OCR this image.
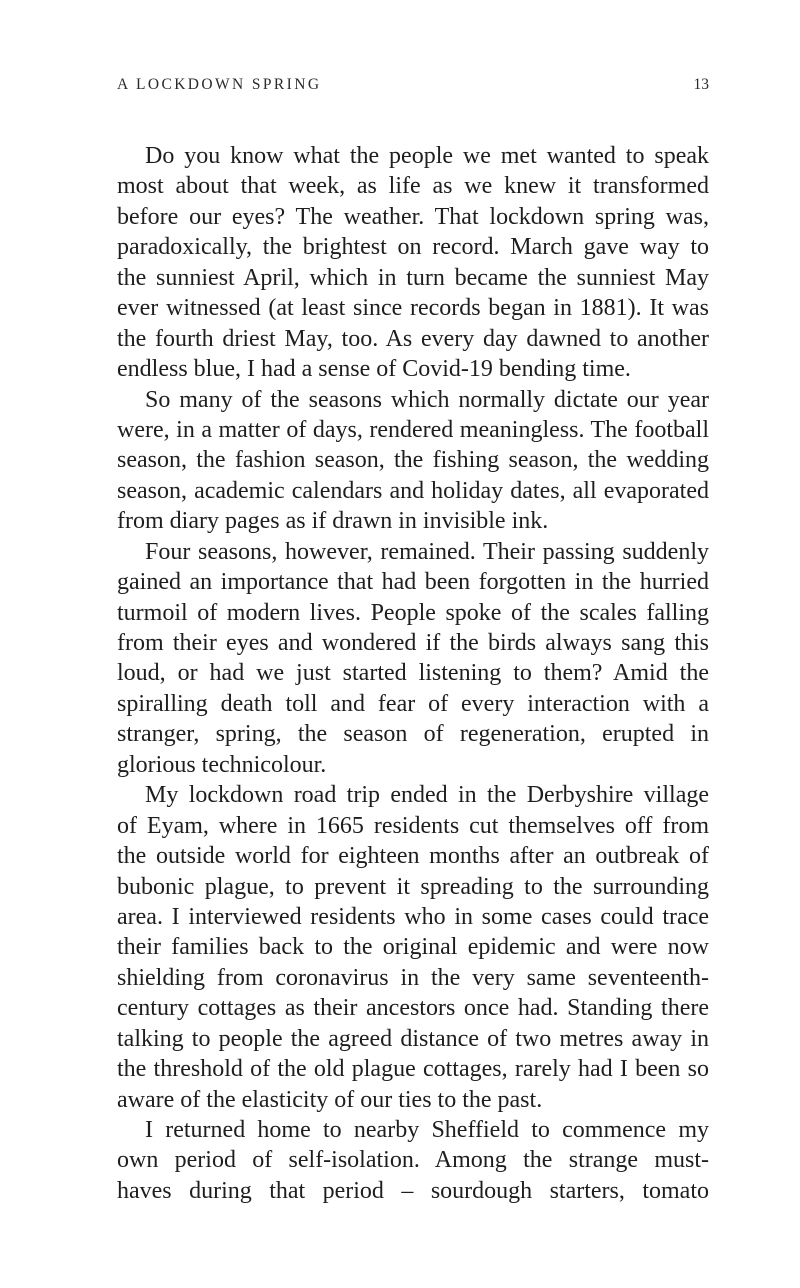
A LOCKDOWN SPRING	13
Do you know what the people we met wanted to speak
most about that week, as life as we knew it transformed
before our eyes? The weather. That lockdown spring was,
paradoxically, the brightest on record. March gave way to
the sunniest April, which in turn became the sunniest May
ever witnessed (at least since records began in 1881). It was
the fourth driest May, too. As every day dawned to another
endless blue, I had a sense of Covid-19 bending time.
So many of the seasons which normally dictate our year
were, in a matter of days, rendered meaningless. The football
season, the fashion season, the fishing season, the wedding
season, academic calendars and holiday dates, all evaporated
from diary pages as if drawn in invisible ink.
Four seasons, however, remained. Their passing suddenly
gained an importance that had been forgotten in the hurried
turmoil of modern lives. People spoke of the scales falling
from their eyes and wondered if the birds always sang this
loud, or had we just started listening to them? Amid the
spiralling death toll and fear of every interaction with a
stranger, spring, the season of regeneration, erupted in
glorious technicolour.
My lockdown road trip ended in the Derbyshire village
of Eyam, where in 1665 residents cut themselves off from
the outside world for eighteen months after an outbreak of
bubonic plague, to prevent it spreading to the surrounding
area. I interviewed residents who in some cases could trace
their families back to the original epidemic and were now
shielding from coronavirus in the very same seventeenth-
century cottages as their ancestors once had. Standing there
talking to people the agreed distance of two metres away in
the threshold of the old plague cottages, rarely had I been so
aware of the elasticity of our ties to the past.
I returned home to nearby Sheffield to commence my
own period of self-isolation. Among the strange must-
haves during that period – sourdough starters, tomato
